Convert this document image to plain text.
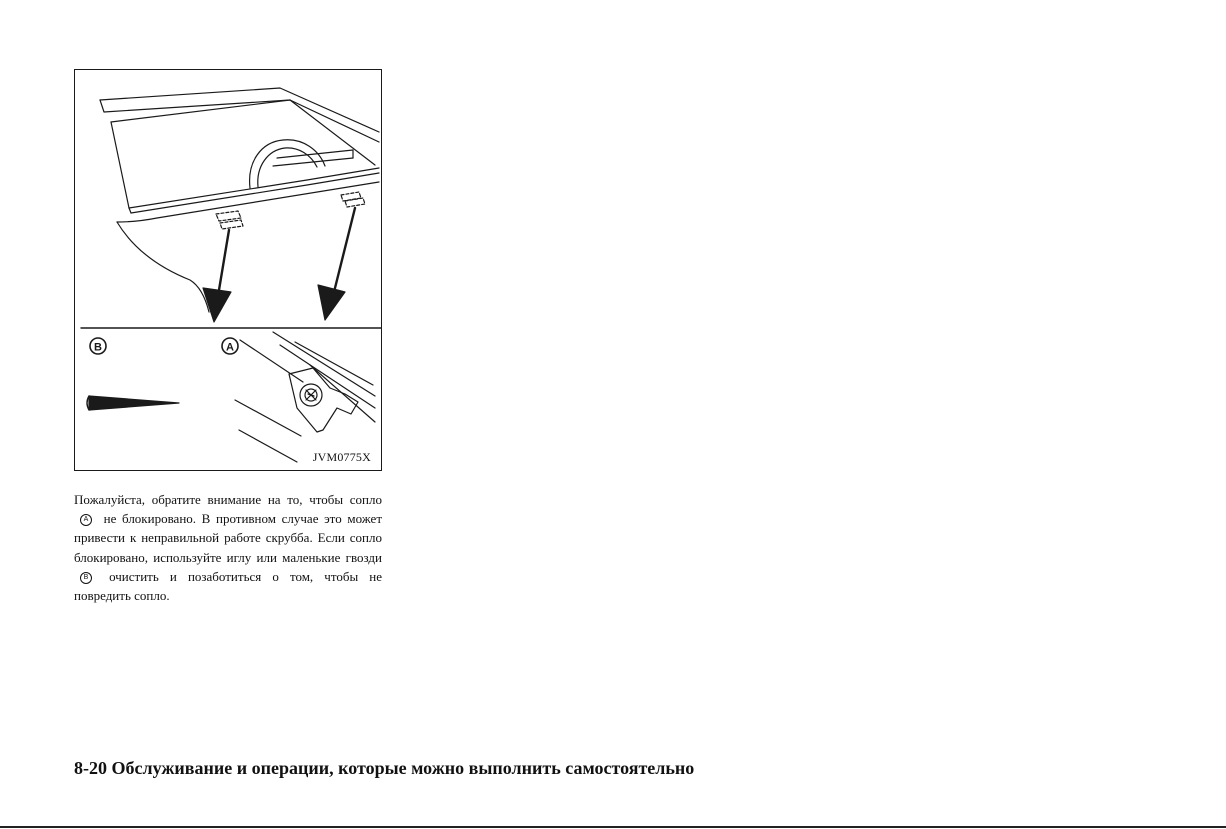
B	A
JVM0775X
Пожалуйста, обратите внимание на то, чтобы сопло A не блокировано. В противном случае это может привести к неправильной работе скруббa. Если сопло блокировано, используйте иглу или маленькие гвозди B очистить и позаботиться о том, чтобы не повредить сопло.
8-20 Обслуживание и операции, которые можно выполнить самостоятельно
